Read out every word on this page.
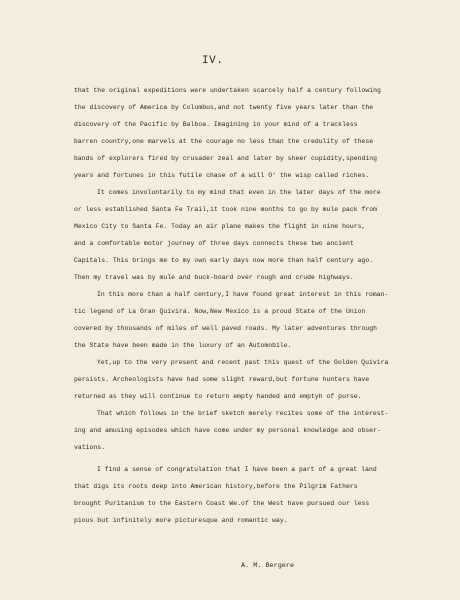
IV.
that the original expeditions were undertaken scarcely half a century following
the discovery of America by Columbus,and not twenty five years later than the
discovery of the Pacific by Balboa. Imagining in your mind of a trackless
barren country,one marvels at the courage no less than the credulity of these
bands of explorers fired by crusader zeal and later by sheer cupidity,spending
years and fortunes in this futile chase of a will O' the wisp called riches.
It comes involuntarily to my mind that even in the later days of the more
or less established Santa Fe Trail,it took nine months to go by mule pack from
Mexico City to Santa Fe. Today an air plane makes the flight in nine hours,
and a comfortable motor journey of three days connects these two ancient
Capitals. This brings me to my own early days now more than half century ago.
Then my travel was by mule and buck-board over rough and crude highways.
In this more than a half century,I have found great interest in this roman-
tic legend of La Gran Quivira. Now,New Mexico is a proud State of the Union
covered by thousands of miles of well paved roads. My later adventures through
the State have been made in the luxury of an Automobile.
Yet,up to the very present and recent past this quest of the Golden Quivira
persists. Archeologists have had some slight reward,but fortune hunters have
returned as they will continue to return empty handed and emptyh of purse.
That which follows in the brief sketch merely recites some of the interest-
ing and amusing episodes which have come under my personal knowledge and obser-
vations.
I find a sense of congratulation that I have been a part of a great land
that digs its roots deep into American history,before the Pilgrim Fathers
brought Puritanism to the Eastern Coast We.of the West have pursued our less
pious but infinitely more picturesque and romantic way.
A. M. Bergere
